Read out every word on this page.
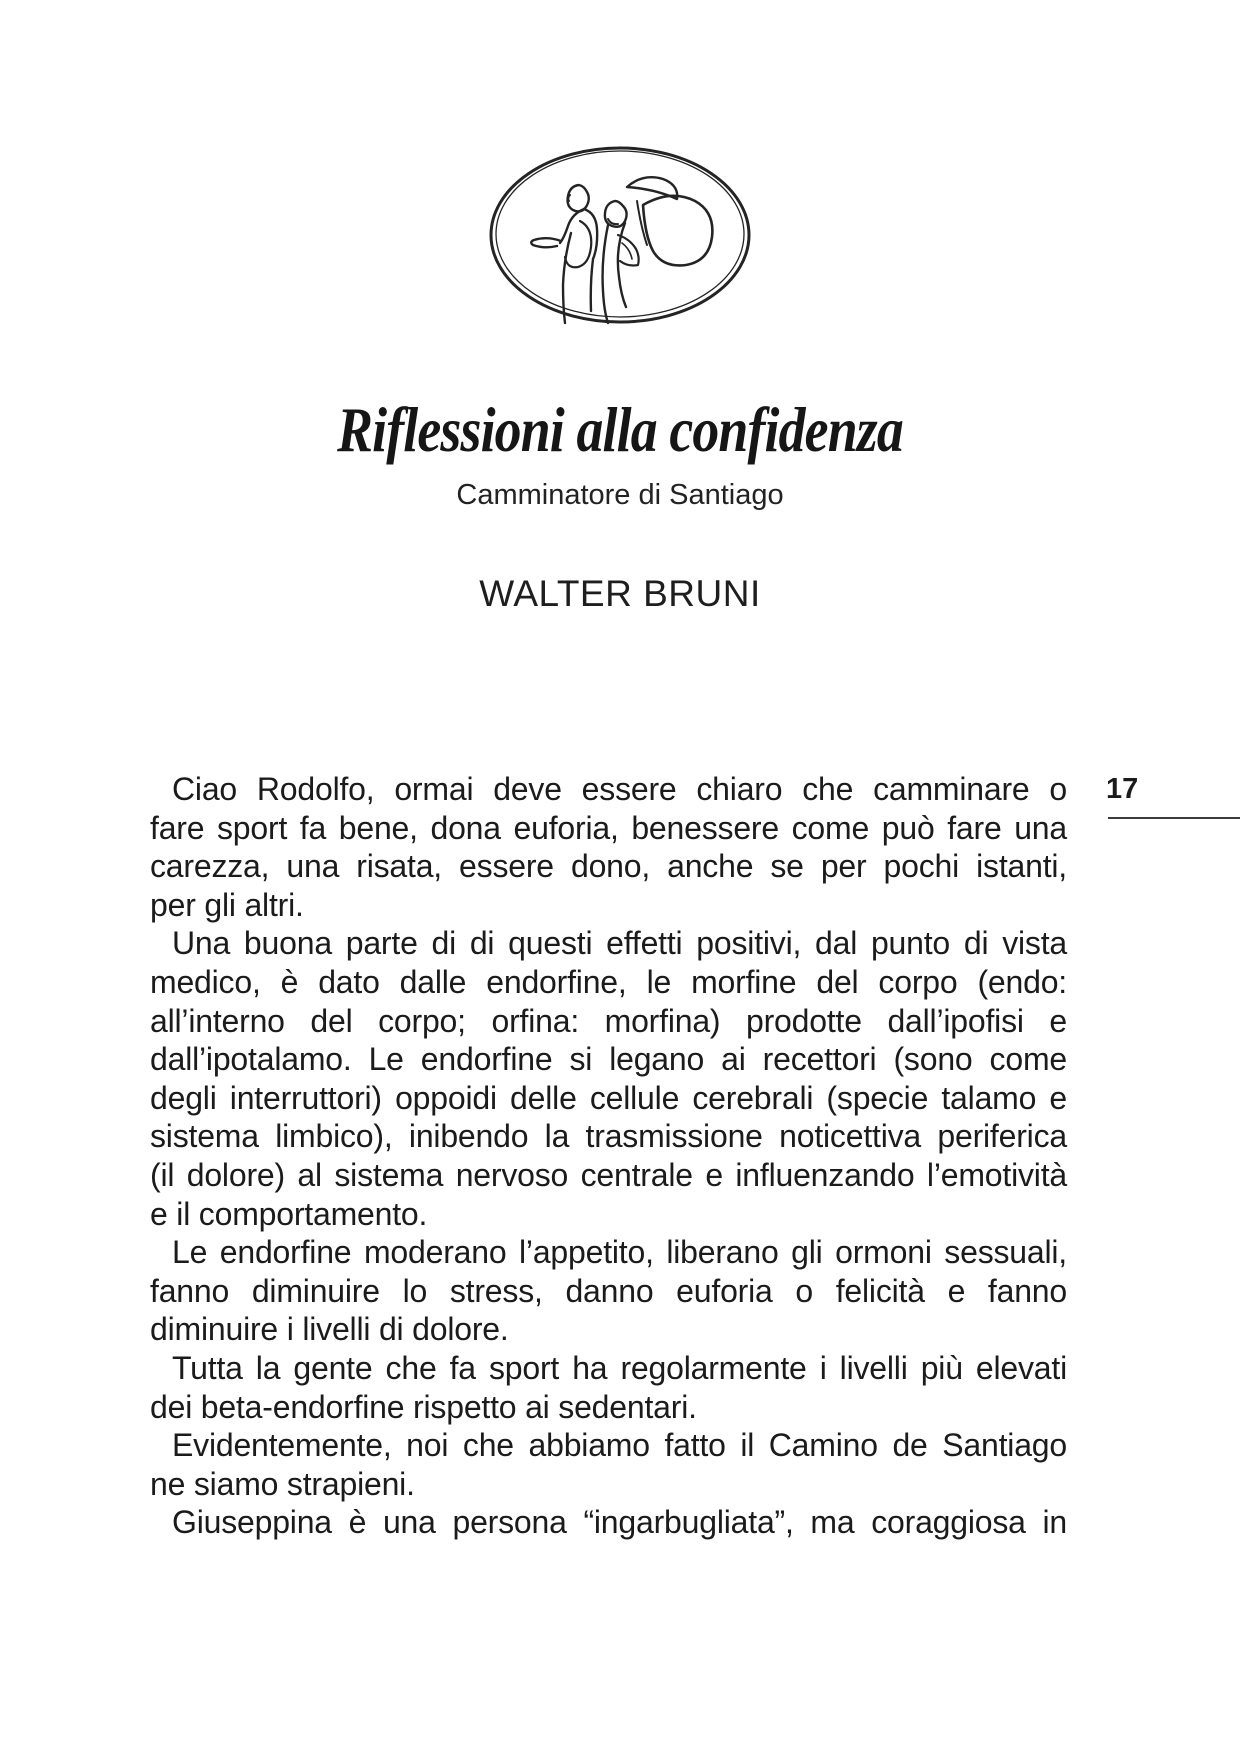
Riflessioni alla confidenza
Camminatore di Santiago
WALTER BRUNI
17
Ciao Rodolfo, ormai deve essere chiaro che camminare o
fare sport fa bene, dona euforia, benessere come può fare una
carezza, una risata, essere dono, anche se per pochi istanti,
per gli altri.
Una buona parte di di questi effetti positivi, dal punto di vista
medico, è dato dalle endorfine, le morfine del corpo (endo:
all’interno del corpo; orfina: morfina) prodotte dall’ipofisi e
dall’ipotalamo. Le endorfine si legano ai recettori (sono come
degli interruttori) oppoidi delle cellule cerebrali (specie talamo e
sistema limbico), inibendo la trasmissione noticettiva periferica
(il dolore) al sistema nervoso centrale e influenzando l’emotività
e il comportamento.
Le endorfine moderano l’appetito, liberano gli ormoni sessuali,
fanno diminuire lo stress, danno euforia o felicità e fanno
diminuire i livelli di dolore.
Tutta la gente che fa sport ha regolarmente i livelli più elevati
dei beta-endorfine rispetto ai sedentari.
Evidentemente, noi che abbiamo fatto il Camino de Santiago
ne siamo strapieni.
Giuseppina è una persona “ingarbugliata”, ma coraggiosa in
